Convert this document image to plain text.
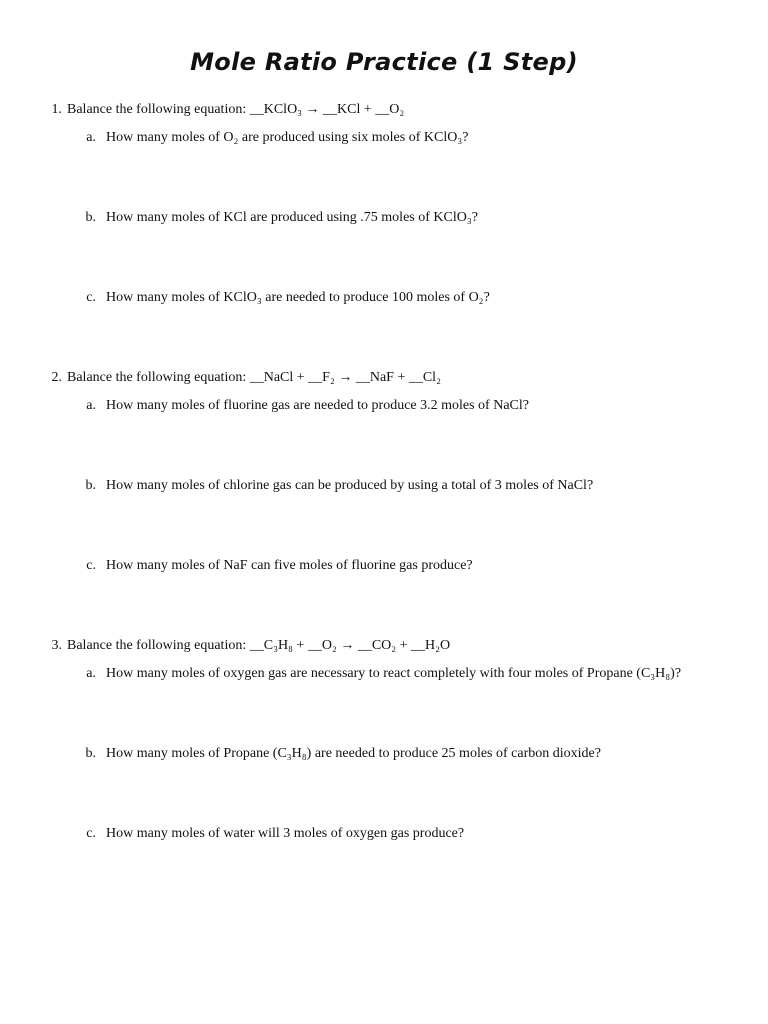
Mole Ratio Practice (1 Step)
1. Balance the following equation: __KClO₃ → __KCl + __O₂
a. How many moles of O₂ are produced using six moles of KClO₃?
b. How many moles of KCl are produced using .75 moles of KClO₃?
c. How many moles of KClO₃ are needed to produce 100 moles of O₂?
2. Balance the following equation: __NaCl + __F₂ → __NaF + __Cl₂
a. How many moles of fluorine gas are needed to produce 3.2 moles of NaCl?
b. How many moles of chlorine gas can be produced by using a total of 3 moles of NaCl?
c. How many moles of NaF can five moles of fluorine gas produce?
3. Balance the following equation: __C₃H₈ + __O₂ → __CO₂ + __H₂O
a. How many moles of oxygen gas are necessary to react completely with four moles of Propane (C₃H₈)?
b. How many moles of Propane (C₃H₈) are needed to produce 25 moles of carbon dioxide?
c. How many moles of water will 3 moles of oxygen gas produce?
